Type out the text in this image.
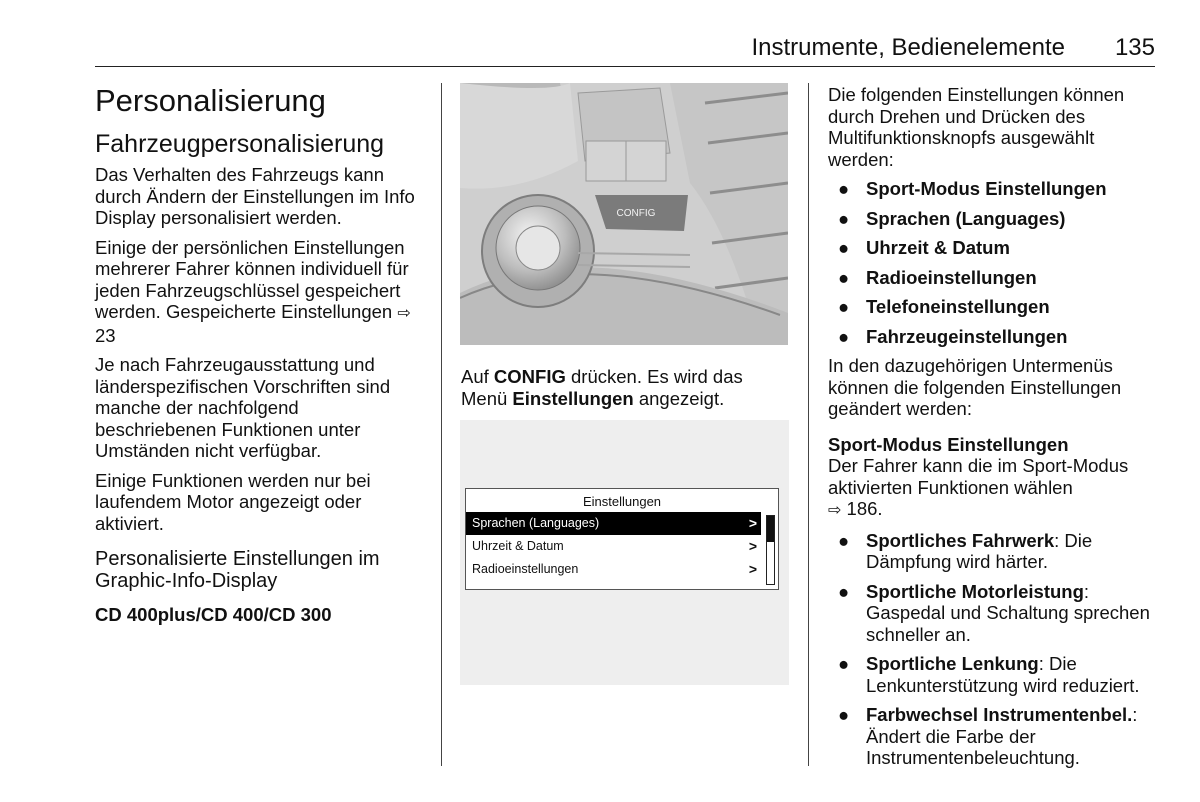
Instrumente, Bedienelemente 135
Personalisierung
Fahrzeugpersonalisierung

Das Verhalten des Fahrzeugs kann durch Ändern der Einstellungen im Info Display personalisiert werden.

Einige der persönlichen Einstellungen mehrerer Fahrer können individuell für jeden Fahrzeugschlüssel gespeichert werden. Gespeicherte Einstellungen ⇨ 23

Je nach Fahrzeugausstattung und länderspezifischen Vorschriften sind manche der nachfolgend beschriebenen Funktionen unter Umständen nicht verfügbar.

Einige Funktionen werden nur bei laufendem Motor angezeigt oder aktiviert.

Personalisierte Einstellungen im Graphic-Info-Display

CD 400plus/CD 400/CD 300

CONFIG

Auf CONFIG drücken. Es wird das Menü Einstellungen angezeigt.

Einstellungen
Sprachen (Languages)	>
Uhrzeit & Datum	>
Radioeinstellungen	>

Die folgenden Einstellungen können durch Drehen und Drücken des Multifunktionsknopfs ausgewählt werden:

● Sport-Modus Einstellungen
● Sprachen (Languages)
● Uhrzeit & Datum
● Radioeinstellungen
● Telefoneinstellungen
● Fahrzeugeinstellungen

In den dazugehörigen Untermenüs können die folgenden Einstellungen geändert werden:

Sport-Modus Einstellungen

Der Fahrer kann die im Sport-Modus aktivierten Funktionen wählen
⇨ 186.

● Sportliches Fahrwerk: Die Dämpfung wird härter.
● Sportliche Motorleistung: Gaspedal und Schaltung sprechen schneller an.
● Sportliche Lenkung: Die Lenkunterstützung wird reduziert.
● Farbwechsel Instrumentenbel.: Ändert die Farbe der Instrumentenbeleuchtung.
